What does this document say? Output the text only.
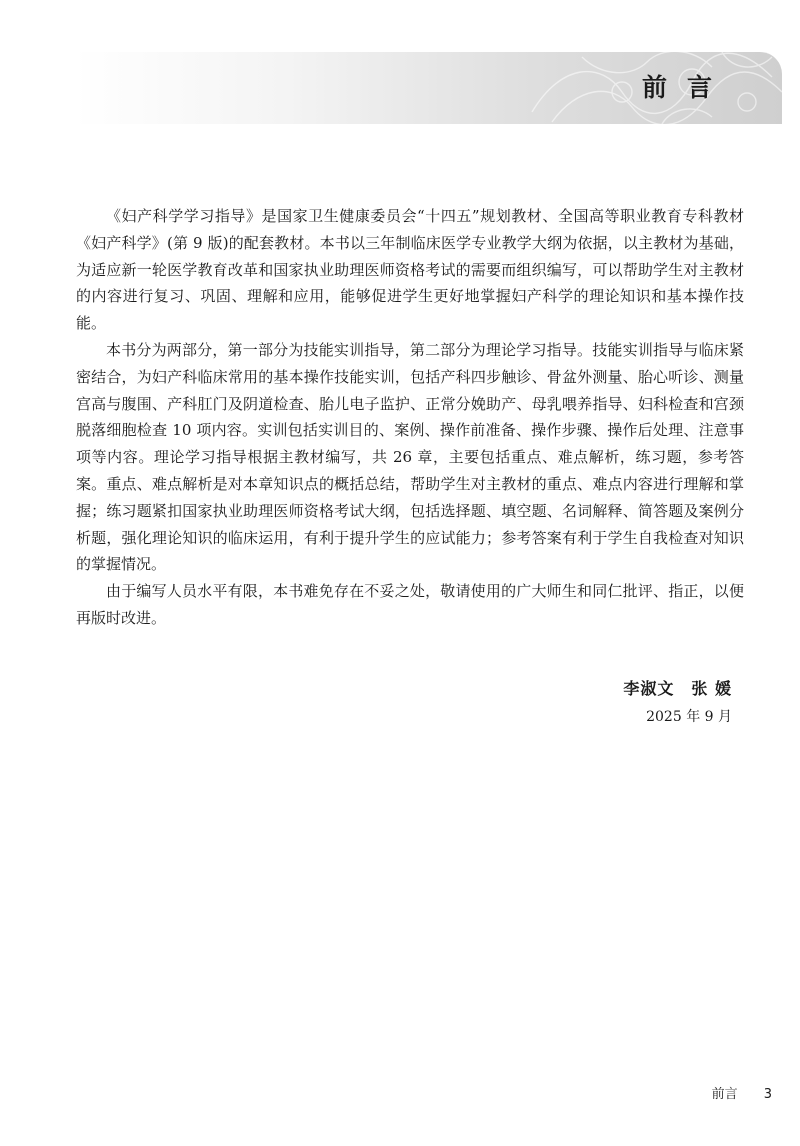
前言

《妇产科学学习指导》是国家卫生健康委员会“十四五”规划教材、全国高等职业教育专科教材《妇产科学》(第 9 版)的配套教材。本书以三年制临床医学专业教学大纲为依据，以主教材为基础，为适应新一轮医学教育改革和国家执业助理医师资格考试的需要而组织编写，可以帮助学生对主教材的内容进行复习、巩固、理解和应用，能够促进学生更好地掌握妇产科学的理论知识和基本操作技能。

本书分为两部分，第一部分为技能实训指导，第二部分为理论学习指导。技能实训指导与临床紧密结合，为妇产科临床常用的基本操作技能实训，包括产科四步触诊、骨盆外测量、胎心听诊、测量宫高与腹围、产科肛门及阴道检查、胎儿电子监护、正常分娩助产、母乳喂养指导、妇科检查和宫颈脱落细胞检查 10 项内容。实训包括实训目的、案例、操作前准备、操作步骤、操作后处理、注意事项等内容。理论学习指导根据主教材编写，共 26 章，主要包括重点、难点解析，练习题，参考答案。重点、难点解析是对本章知识点的概括总结，帮助学生对主教材的重点、难点内容进行理解和掌握；练习题紧扣国家执业助理医师资格考试大纲，包括选择题、填空题、名词解释、简答题及案例分析题，强化理论知识的临床运用，有利于提升学生的应试能力；参考答案有利于学生自我检查对知识的掌握情况。

由于编写人员水平有限，本书难免存在不妥之处，敬请使用的广大师生和同仁批评、指正，以便再版时改进。

李淑文　张 媛
2025 年 9 月
前言 3
